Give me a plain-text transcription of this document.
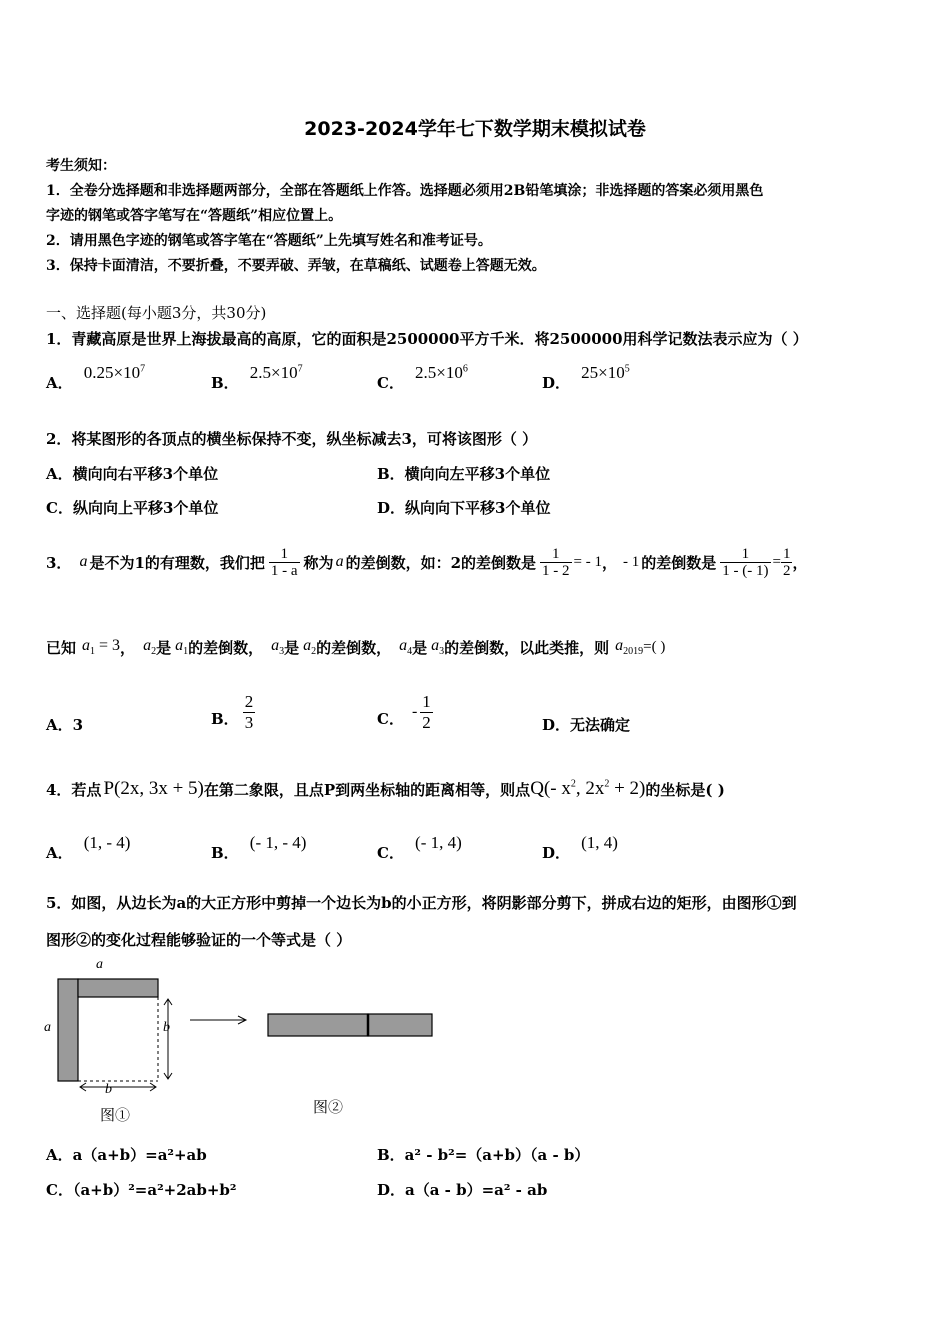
2023-2024学年七下数学期末模拟试卷
考生须知：
1．全卷分选择题和非选择题两部分，全部在答题纸上作答。选择题必须用2B铅笔填涂；非选择题的答案必须用黑色
字迹的钢笔或答字笔写在“答题纸”相应位置上。
2．请用黑色字迹的钢笔或答字笔在“答题纸”上先填写姓名和准考证号。
3．保持卡面清洁，不要折叠，不要弄破、弄皱，在草稿纸、试题卷上答题无效。
一、选择题(每小题3分，共30分)
1．青藏高原是世界上海拔最高的高原，它的面积是2500000平方千米．将2500000用科学记数法表示应为（ ）
A． $0.25\times 10^7$
B． $2.5\times 10^7$
C． $2.5\times 10^6$
D． $25\times 10^5$
2．将某图形的各顶点的横坐标保持不变，纵坐标减去3，可将该图形（ ）
A．横向向右平移3个单位	B．横向向左平移3个单位
C．纵向向上平移3个单位	D．纵向向下平移3个单位
3． a 是不为1的有理数，我们把 $\frac{1}{1 - a}$ 称为 a 的差倒数，如：2的差倒数是 $\frac{1}{1 - 2}$ = - 1 ， - 1 的差倒数是 $\frac{1}{1 - (- 1)} = \frac{1}{2}$ ，
已知 $a_1 = 3$ ， $a_2$ 是 $a_1$ 的差倒数， $a_3$ 是 $a_2$ 的差倒数， $a_4$ 是 $a_3$ 的差倒数，以此类推，则 $a_{2019}$ =( )
A．3	B． $\frac{2}{3}$	C． - $\frac{1}{2}$	D．无法确定
4．若点 P(2x, 3x + 5) 在第二象限，且点P到两坐标轴的距离相等，则点 Q(- $x^2$, $2x^2 + 2$) 的坐标是( )
A． (1, - 4)
B． (- 1, - 4)
C． (- 1, 4)
D． (1, 4)
5．如图，从边长为a的大正方形中剪掉一个边长为b的小正方形，将阴影部分剪下，拼成右边的矩形，由图形①到
图形②的变化过程能够验证的一个等式是（ ）
a
a	b
b
图①	图②
A．a（a+b）=a²+ab	B．a² - b²=（a+b）（a - b）
C．（a+b）²=a²+2ab+b²	D．a（a - b）=a² - ab
